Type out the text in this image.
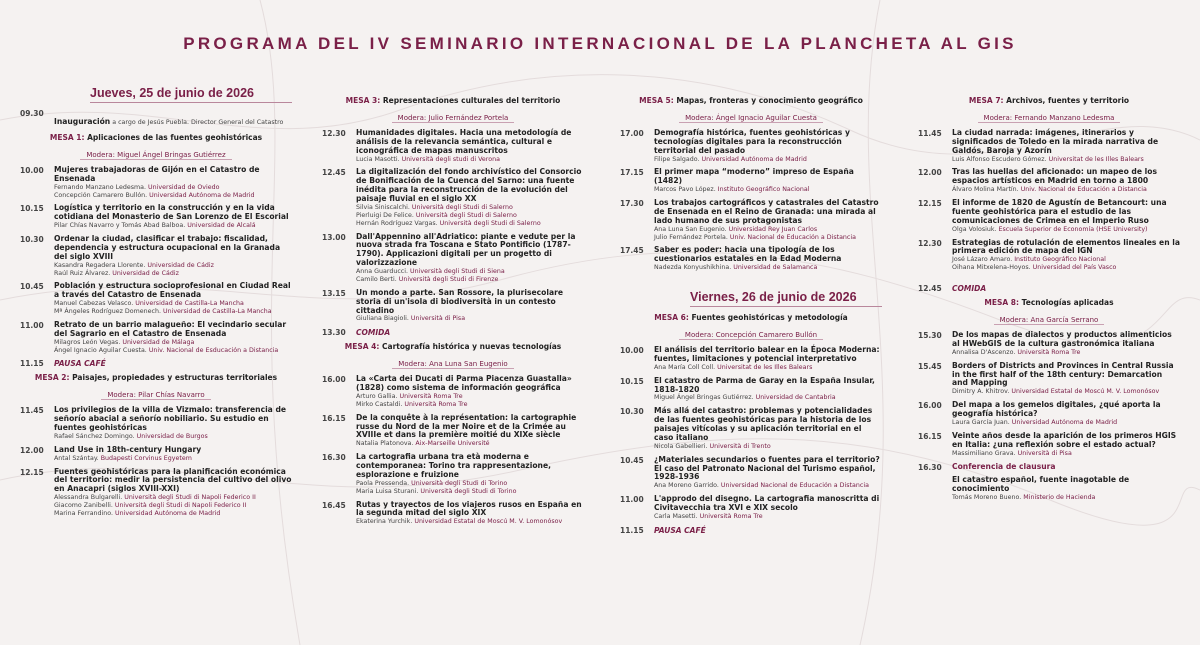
PROGRAMA DEL IV SEMINARIO INTERNACIONAL DE LA PLANCHETA AL GIS
Jueves, 25 de junio de 2026
09.30
Inauguración a cargo de Jesús Puebla. Director General del Catastro
MESA 1: Aplicaciones de las fuentes geohistóricas
Modera: Miguel Ángel Bringas Gutiérrez
10.00	Mujeres trabajadoras de Gijón en el Catastro de Ensenada
Fernando Manzano Ledesma. Universidad de Oviedo
Concepción Camarero Bullón. Universidad Autónoma de Madrid
10.15	Logística y territorio en la construcción y en la vida cotidiana del Monasterio de San Lorenzo de El Escorial
Pilar Chías Navarro y Tomás Abad Balboa. Universidad de Alcalá
10.30	Ordenar la ciudad, clasificar el trabajo: fiscalidad, dependencia y estructura ocupacional en la Granada del siglo XVIII
Kasandra Regadera Llorente. Universidad de Cádiz
Raúl Ruiz Álvarez. Universidad de Cádiz
10.45	Población y estructura socioprofesional en Ciudad Real a través del Catastro de Ensenada
Manuel Cabezas Velasco. Universidad de Castilla-La Mancha
Mª Ángeles Rodríguez Domenech. Universidad de Castilla-La Mancha
11.00	Retrato de un barrio malagueño: El vecindario secular del Sagrario en el Catastro de Ensenada
Milagros León Vegas. Universidad de Málaga
Ángel Ignacio Aguilar Cuesta. Univ. Nacional de Esducación a Distancia
11.15	PAUSA CAFÉ
MESA 2: Paisajes, propiedades y estructuras territoriales
Modera: Pilar Chías Navarro
11.45	Los privilegios de la villa de Vizmalo: transferencia de señorío abacial a señorío nobiliario. Su estudio en fuentes geohistóricas
Rafael Sánchez Domingo. Universidad de Burgos
12.00	Land Use in 18th-century Hungary
Antal Szántay. Budapesti Corvinus Egyetem
12.15	Fuentes geohistóricas para la planificación económica del territorio: medir la persistencia del cultivo del olivo en Anacapri (siglos XVIII-XXI)
Alessandra Bulgarelli. Università degli Studi di Napoli Federico II
Giacomo Zanibelli. Università degli Studi di Napoli Federico II
Marina Ferrandino. Universidad Autónoma de Madrid
MESA 3: Representaciones culturales del territorio
Modera: Julio Fernández Portela
12.30	Humanidades digitales. Hacia una metodología de análisis de la relevancia semántica, cultural e iconográfica de mapas manuscritos
Lucia Masotti. Università degli studi di Verona
12.45	La digitalización del fondo archivístico del Consorcio de Bonificación de la Cuenca del Sarno: una fuente inédita para la reconstrucción de la evolución del paisaje fluvial en el siglo XX
Silvia Siniscalchi. Università degli Studi di Salerno
Pierluigi De Felice. Università degli Studi di Salerno
Hernán Rodríguez Vargas. Università degli Studi di Salerno
13.00	Dall'Appennino all'Adriatico: piante e vedute per la nuova strada fra Toscana e Stato Pontificio (1787-1790). Applicazioni digitali per un progetto di valorizzazione
Anna Guarducci. Università degli Studi di Siena
Camilo Berti. Università degli Studi di Firenze
13.15	Un mondo a parte. San Rossore, la plurisecolare storia di un'isola di biodiversità in un contesto cittadino
Giuliana Biagioli. Università di Pisa
13.30	COMIDA
MESA 4: Cartografía histórica y nuevas tecnologías
Modera: Ana Luna San Eugenio
16.00	La «Carta dei Ducati di Parma Piacenza Guastalla» (1828) como sistema de información geográfica
Arturo Gallia. Università Roma Tre
Mirko Castaldi. Università Roma Tre
16.15	De la conquête à la représentation: la cartographie russe du Nord de la mer Noire et de la Crimée au XVIIIe et dans la première moitié du XIXe siècle
Natalia Platonova. Aix-Marseille Université
16.30	La cartografia urbana tra età moderna e contemporanea: Torino tra rappresentazione, esplorazione e fruizione
Paola Pressenda. Università degli Studi di Torino
Maria Luisa Sturani. Università degli Studi di Torino
16.45	Rutas y trayectos de los viajeros rusos en España en la segunda mitad del siglo XIX
Ekaterina Yurchik. Universidad Estatal de Moscú M. V. Lomonósov
MESA 5: Mapas, fronteras y conocimiento geográfico
Modera: Ángel Ignacio Aguilar Cuesta
17.00	Demografía histórica, fuentes geohistóricas y tecnologías digitales para la reconstrucción territorial del pasado
Filipe Salgado. Universidad Autónoma de Madrid
17.15	El primer mapa “moderno” impreso de España (1482)
Marcos Pavo López. Instituto Geográfico Nacional
17.30	Los trabajos cartográficos y catastrales del Catastro de Ensenada en el Reino de Granada: una mirada al lado humano de sus protagonistas
Ana Luna San Eugenio. Universidad Rey Juan Carlos
Julio Fernández Portela. Univ. Nacional de Educación a Distancia
17.45	Saber es poder: hacia una tipología de los cuestionarios estatales en la Edad Moderna
Nadezda Konyushikhina. Universidad de Salamanca
Viernes, 26 de junio de 2026
MESA 6: Fuentes geohistóricas y metodología
Modera: Concepción Camarero Bullón
10.00	El análisis del territorio balear en la Época Moderna: fuentes, limitaciones y potencial interpretativo
Ana María Coll Coll. Universitat de les Illes Balears
10.15	El catastro de Parma de Garay en la España Insular, 1818-1820
Miguel Ángel Bringas Gutiérrez. Universidad de Cantabria
10.30	Más allá del catastro: problemas y potencialidades de las fuentes geohistóricas para la historia de los paisajes vitícolas y su aplicación territorial en el caso italiano
Nicola Gabellieri. Università di Trento
10.45	¿Materiales secundarios o fuentes para el territorio? El caso del Patronato Nacional del Turismo español, 1928-1936
Ana Moreno Garrido. Universidad Nacional de Educación a Distancia
11.00	L'approdo del disegno. La cartografia manoscritta di Civitavecchia tra XVI e XIX secolo
Carla Masetti. Università Roma Tre
11.15	PAUSA CAFÉ
MESA 7: Archivos, fuentes y territorio
Modera: Fernando Manzano Ledesma
11.45	La ciudad narrada: imágenes, itinerarios y significados de Toledo en la mirada narrativa de Galdós, Baroja y Azorín
Luis Alfonso Escudero Gómez. Universitat de les Illes Balears
12.00	Tras las huellas del aficionado: un mapeo de los espacios artísticos en Madrid en torno a 1800
Álvaro Molina Martín. Univ. Nacional de Educación a Distancia
12.15	El informe de 1820 de Agustín de Betancourt: una fuente geohistórica para el estudio de las comunicaciones de Crimea en el Imperio Ruso
Olga Volosiuk. Escuela Superior de Economía (HSE University)
12.30	Estrategias de rotulación de elementos lineales en la primera edición de mapa del IGN
José Lázaro Amaro. Instituto Geográfico Nacional
Oihana Mitxelena-Hoyos. Universidad del País Vasco
12.45	COMIDA
MESA 8: Tecnologías aplicadas
Modera: Ana García Serrano
15.30	De los mapas de dialectos y productos alimenticios al HWebGIS de la cultura gastronómica italiana
Annalisa D'Ascenzo. Università Roma Tre
15.45	Borders of Districts and Provinces in Central Russia in the first half of the 18th century: Demarcation and Mapping
Dimitry A. Khitrov. Universidad Estatal de Moscú M. V. Lomonósov
16.00	Del mapa a los gemelos digitales, ¿qué aporta la geografía histórica?
Laura García Juan. Universidad Autónoma de Madrid
16.15	Veinte años desde la aparición de los primeros HGIS en Italia: ¿una reflexión sobre el estado actual?
Massimiliano Grava. Università di Pisa
16.30	Conferencia de clausura
El catastro español, fuente inagotable de conocimiento
Tomás Moreno Bueno. Ministerio de Hacienda
